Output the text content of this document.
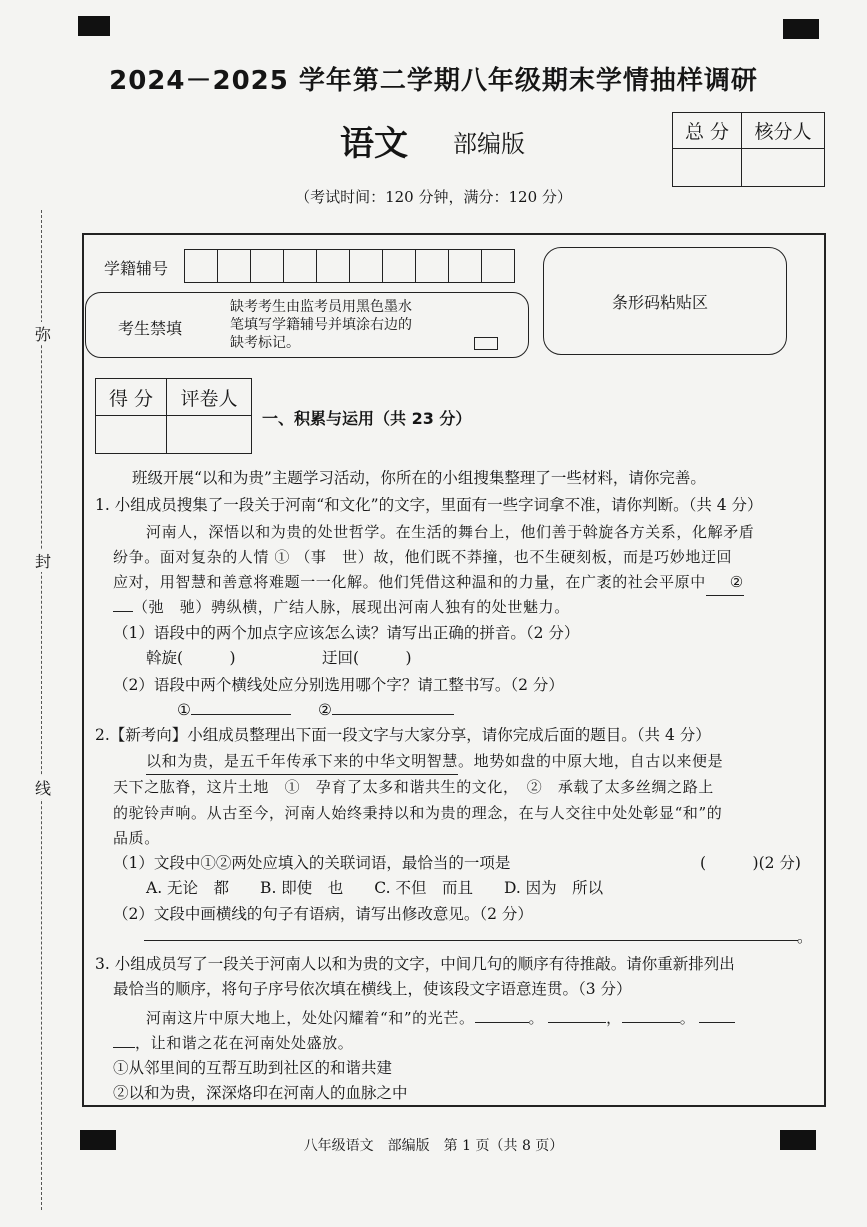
2024－2025 学年第二学期八年级期末学情抽样调研
语文 部编版
（考试时间：120 分钟，满分：120 分）
总 分	核分人

弥
封
线
学籍辅号
考生禁填
缺考考生由监考员用黑色墨水
笔填写学籍辅号并填涂右边的
缺考标记。
条形码粘贴区
得 分	评卷人

一、积累与运用（共 23 分）
班级开展“以和为贵”主题学习活动，你所在的小组搜集整理了一些材料，请你完善。
1. 小组成员搜集了一段关于河南“和文化”的文字，里面有一些字词拿不准，请你判断。（共 4 分）
河南人，深悟以和为贵的处世哲学。在生活的舞台上，他们善于斡旋各方关系，化解矛盾
纷争。面对复杂的人情 ① （事　世）故，他们既不莽撞，也不生硬刻板，而是巧妙地迂回
应对，用智慧和善意将难题一一化解。他们凭借这种温和的力量，在广袤的社会平原中 ②
（弛　驰）骋纵横，广结人脉，展现出河南人独有的处世魅力。
（1）语段中的两个加点字应该怎么读？请写出正确的拼音。（2 分）
斡旋(　　　)	迂回(　　　)
（2）语段中两个横线处应分别选用哪个字？请工整书写。（2 分）
①	②
2.【新考向】小组成员整理出下面一段文字与大家分享，请你完成后面的题目。（共 4 分）
以和为贵，是五千年传承下来的中华文明智慧。地势如盘的中原大地，自古以来便是
天下之肱脊，这片土地　①　孕育了太多和谐共生的文化，　②　承载了太多丝绸之路上
的驼铃声响。从古至今，河南人始终秉持以和为贵的理念，在与人交往中处处彰显“和”的
品质。
（1）文段中①②两处应填入的关联词语，最恰当的一项是	(　　　)(2 分)
A. 无论　都　　B. 即使　也　　C. 不但　而且　　D. 因为　所以
（2）文段中画横线的句子有语病，请写出修改意见。（2 分）
。
3. 小组成员写了一段关于河南人以和为贵的文字，中间几句的顺序有待推敲。请你重新排列出
最恰当的顺序，将句子序号依次填在横线上，使该段文字语意连贯。（3 分）
河南这片中原大地上，处处闪耀着“和”的光芒。	。	，	。
，让和谐之花在河南处处盛放。
①从邻里间的互帮互助到社区的和谐共建
②以和为贵，深深烙印在河南人的血脉之中
八年级语文　部编版　第 1 页（共 8 页）
